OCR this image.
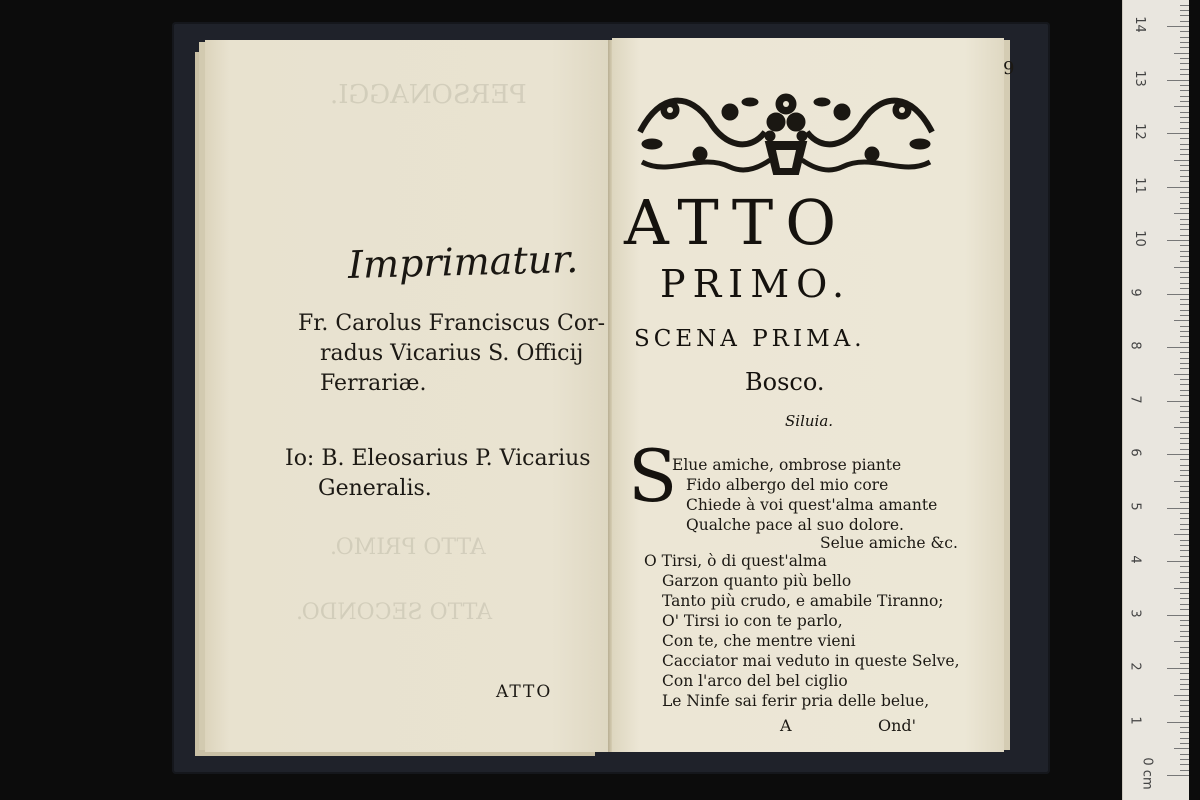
PERSONAGGI.
ATTO PRIMO.
ATTO SECONDO.
Imprimatur.
Fr. Carolus Franciscus Cor-
radus Vicarius S. Officij
Ferrariæ.
Io: B. Eleosarius P. Vicarius
Generalis.
ATTO
9
ATTO
PRIMO.
SCENA PRIMA.
Bosco.
Siluia.
S
Elue amiche, ombrose piante
Fido albergo del mio core
Chiede à voi quest'alma amante
Qualche pace al suo dolore.
Selue amiche &c.
O Tirsi, ò di quest'alma
Garzon quanto più bello
Tanto più crudo, e amabile Tiranno;
O' Tirsi io con te parlo,
Con te, che mentre vieni
Cacciator mai veduto in queste Selve,
Con l'arco del bel ciglio
Le Ninfe sai ferir pria delle belue,
A	Ond'
0 cm
1
2
3
4
5
6
7
8
9
10
11
12
13
14
